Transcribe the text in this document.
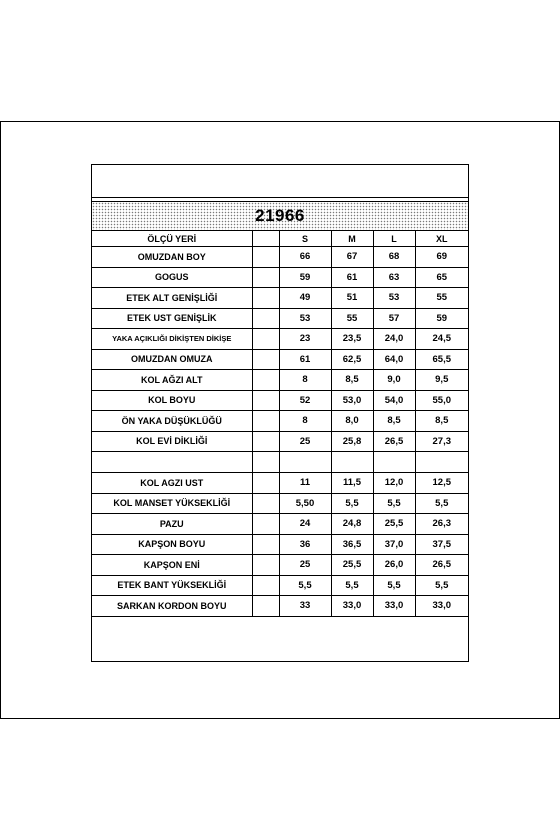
21966
ÖLÇÜ YERİ		S	M	L	XL
OMUZDAN BOY		66	67	68	69
GOGUS		59	61	63	65
ETEK ALT GENİŞLİĞİ		49	51	53	55
ETEK UST GENİŞLİK		53	55	57	59
YAKA AÇIKLIĞI DİKİŞTEN DİKİŞE		23	23,5	24,0	24,5
OMUZDAN OMUZA		61	62,5	64,0	65,5
KOL AĞZI ALT		8	8,5	9,0	9,5
KOL BOYU		52	53,0	54,0	55,0
ÖN YAKA DÜŞÜKLÜĞÜ		8	8,0	8,5	8,5
KOL EVİ DİKLİĞİ		25	25,8	26,5	27,3

KOL AGZI UST		11	11,5	12,0	12,5
KOL MANSET YÜKSEKLİĞİ		5,50	5,5	5,5	5,5
PAZU		24	24,8	25,5	26,3
KAPŞON BOYU		36	36,5	37,0	37,5
KAPŞON ENİ		25	25,5	26,0	26,5
ETEK BANT YÜKSEKLİĞİ		5,5	5,5	5,5	5,5
SARKAN KORDON BOYU		33	33,0	33,0	33,0
